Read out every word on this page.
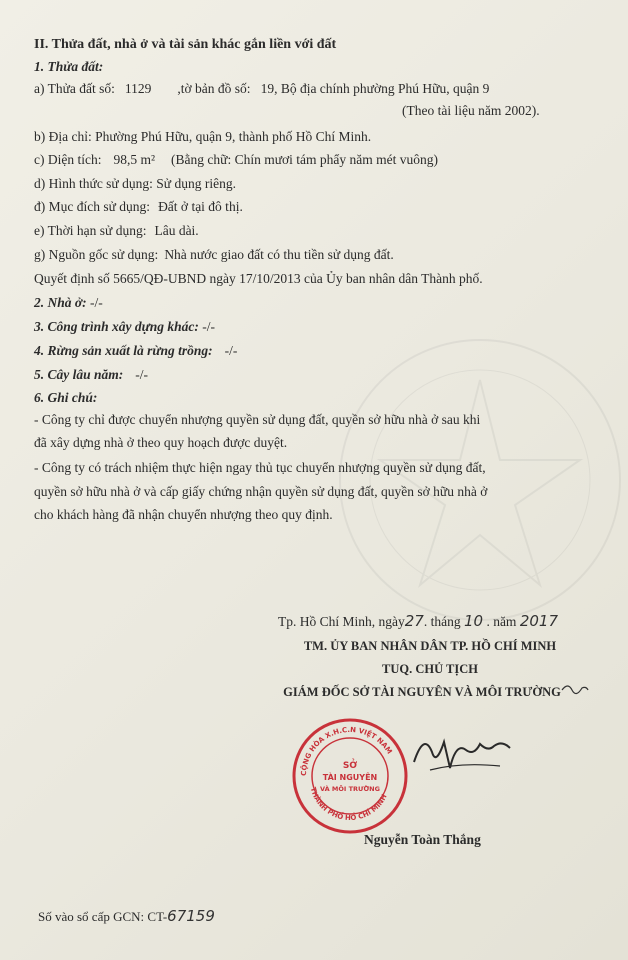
II. Thửa đất, nhà ở và tài sản khác gắn liền với đất
1. Thửa đất:
a) Thửa đất số: 1129 ,tờ bản đồ số: 19, Bộ địa chính phường Phú Hữu, quận 9
(Theo tài liệu năm 2002).
b) Địa chỉ: Phường Phú Hữu, quận 9, thành phố Hồ Chí Minh.
c) Diện tích: 98,5 m² (Bằng chữ: Chín mươi tám phẩy năm mét vuông)
d) Hình thức sử dụng: Sử dụng riêng.
đ) Mục đích sử dụng: Đất ở tại đô thị.
e) Thời hạn sử dụng: Lâu dài.
g) Nguồn gốc sử dụng: Nhà nước giao đất có thu tiền sử dụng đất.
Quyết định số 5665/QĐ-UBND ngày 17/10/2013 của Ủy ban nhân dân Thành phố.
2. Nhà ở: -/-
3. Công trình xây dựng khác: -/-
4. Rừng sản xuất là rừng trồng: -/-
5. Cây lâu năm: -/-
6. Ghi chú:
- Công ty chỉ được chuyển nhượng quyền sử dụng đất, quyền sở hữu nhà ở sau khi
đã xây dựng nhà ở theo quy hoạch được duyệt.
- Công ty có trách nhiệm thực hiện ngay thủ tục chuyển nhượng quyền sử dụng đất,
quyền sở hữu nhà ở và cấp giấy chứng nhận quyền sử dụng đất, quyền sở hữu nhà ở
cho khách hàng đã nhận chuyển nhượng theo quy định.
Tp. Hồ Chí Minh, ngày27. tháng 10 . năm 2017
TM. ỦY BAN NHÂN DÂN TP. HỒ CHÍ MINH
TUQ. CHỦ TỊCH
GIÁM ĐỐC SỞ TÀI NGUYÊN VÀ MÔI TRƯỜNG
CỘNG HÒA X.H.C.N VIỆT NAM
THÀNH PHỐ HỒ CHÍ MINH
SỞ
TÀI NGUYÊN
VÀ MÔI TRƯỜNG
Nguyễn Toàn Thắng
Số vào sổ cấp GCN: CT-67159
